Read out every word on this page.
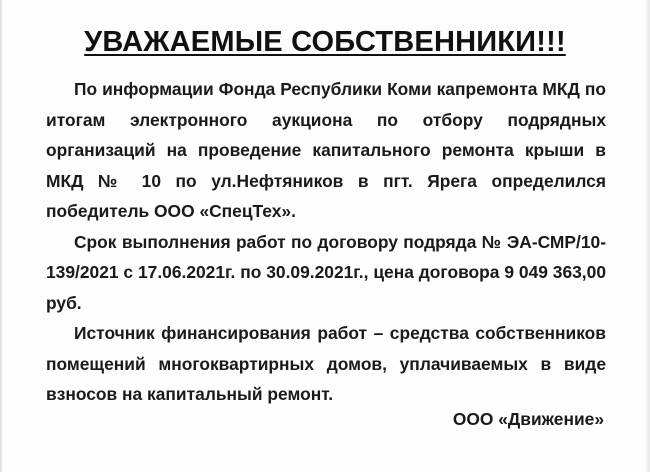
УВАЖАЕМЫЕ СОБСТВЕННИКИ!!!

По информации Фонда Республики Коми капремонта МКД по итогам электронного аукциона по отбору подрядных организаций на проведение капитального ремонта крыши в МКД № 10 по ул.Нефтяников в пгт. Ярега определился победитель ООО «СпецТех».

Срок выполнения работ по договору подряда № ЭА-СМР/10-139/2021 с 17.06.2021г. по 30.09.2021г., цена договора 9 049 363,00 руб.

Источник финансирования работ – средства собственников помещений многоквартирных домов, уплачиваемых в виде взносов на капитальный ремонт.

ООО «Движение»
